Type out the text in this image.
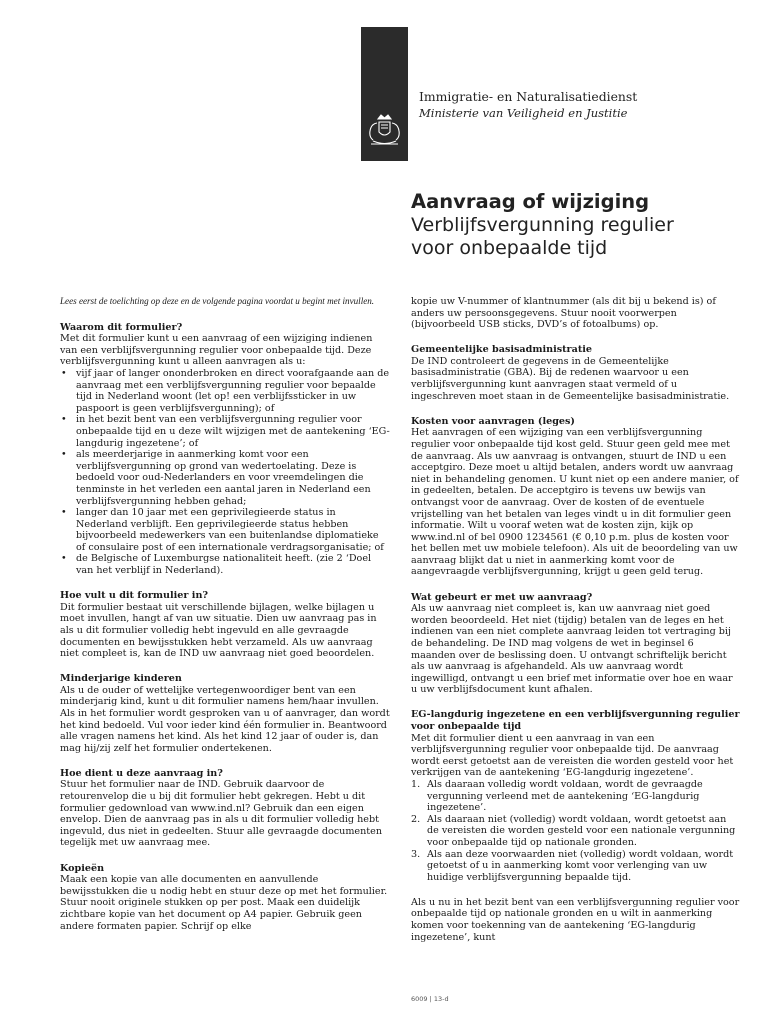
Immigratie- en Naturalisatiedienst
Ministerie van Veiligheid en Justitie
Aanvraag of wijziging
Verblijfsvergunning regulier
voor onbepaalde tijd

Lees eerst de toelichting op deze en de volgende pagina voordat u begint met invullen.

Waarom dit formulier?

Met dit formulier kunt u een aanvraag of een wijziging indienen van een verblijfsvergunning regulier voor onbepaalde tijd. Deze verblijfsvergunning kunt u alleen aanvragen als u:

• vijf jaar of langer ononderbroken en direct voorafgaande aan de aanvraag met een verblijfsvergunning regulier voor bepaalde tijd in Nederland woont (let op! een verblijfssticker in uw paspoort is geen verblijfsvergunning); of
• in het bezit bent van een verblijfsvergunning regulier voor onbepaalde tijd en u deze wilt wijzigen met de aantekening ‘EG-langdurig ingezetene’; of
• als meerderjarige in aanmerking komt voor een verblijfsvergunning op grond van wedertoelating. Deze is bedoeld voor oud-Nederlanders en voor vreemdelingen die tenminste in het verleden een aantal jaren in Nederland een verblijfsvergunning hebben gehad;
• langer dan 10 jaar met een geprivilegieerde status in Nederland verblijft. Een geprivilegieerde status hebben bijvoorbeeld medewerkers van een buitenlandse diplomatieke of consulaire post of een internationale verdragsorganisatie; of
• de Belgische of Luxemburgse nationaliteit heeft. (zie 2 ‘Doel van het verblijf in Nederland).
Hoe vult u dit formulier in?

Dit formulier bestaat uit verschillende bijlagen, welke bijlagen u moet invullen, hangt af van uw situatie. Dien uw aanvraag pas in als u dit formulier volledig hebt ingevuld en alle gevraagde documenten en bewijsstukken hebt verzameld. Als uw aanvraag niet compleet is, kan de IND uw aanvraag niet goed beoordelen.

Minderjarige kinderen

Als u de ouder of wettelijke vertegenwoordiger bent van een minderjarig kind, kunt u dit formulier namens hem/haar invullen. Als in het formulier wordt gesproken van u of aanvrager, dan wordt het kind bedoeld. Vul voor ieder kind één formulier in. Beantwoord alle vragen namens het kind. Als het kind 12 jaar of ouder is, dan mag hij/zij zelf het formulier ondertekenen.

Hoe dient u deze aanvraag in?

Stuur het formulier naar de IND. Gebruik daarvoor de retourenvelop die u bij dit formulier hebt gekregen. Hebt u dit formulier gedownload van www.ind.nl? Gebruik dan een eigen envelop. Dien de aanvraag pas in als u dit formulier volledig hebt ingevuld, dus niet in gedeelten. Stuur alle gevraagde documenten tegelijk met uw aanvraag mee.

Kopieën

Maak een kopie van alle documenten en aanvullende bewijsstukken die u nodig hebt en stuur deze op met het formulier. Stuur nooit originele stukken op per post. Maak een duidelijk zichtbare kopie van het document op A4 papier. Gebruik geen andere formaten papier. Schrijf op elke

kopie uw V-nummer of klantnummer (als dit bij u bekend is) of anders uw persoonsgegevens. Stuur nooit voorwerpen (bijvoorbeeld USB sticks, DVD’s of fotoalbums) op.

Gemeentelijke basisadministratie

De IND controleert de gegevens in de Gemeentelijke basisadministratie (GBA). Bij de redenen waarvoor u een verblijfsvergunning kunt aanvragen staat vermeld of u ingeschreven moet staan in de Gemeentelijke basisadministratie.

Kosten voor aanvragen (leges)

Het aanvragen of een wijziging van een verblijfsvergunning regulier voor onbepaalde tijd kost geld. Stuur geen geld mee met de aanvraag. Als uw aanvraag is ontvangen, stuurt de IND u een acceptgiro. Deze moet u altijd betalen, anders wordt uw aanvraag niet in behandeling genomen. U kunt niet op een andere manier, of in gedeelten, betalen. De acceptgiro is tevens uw bewijs van ontvangst voor de aanvraag. Over de kosten of de eventuele vrijstelling van het betalen van leges vindt u in dit formulier geen informatie. Wilt u vooraf weten wat de kosten zijn, kijk op www.ind.nl of bel 0900 1234561 (€ 0,10 p.m. plus de kosten voor het bellen met uw mobiele telefoon). Als uit de beoordeling van uw aanvraag blijkt dat u niet in aanmerking komt voor de aangevraagde verblijfsvergunning, krijgt u geen geld terug.

Wat gebeurt er met uw aanvraag?

Als uw aanvraag niet compleet is, kan uw aanvraag niet goed worden beoordeeld. Het niet (tijdig) betalen van de leges en het indienen van een niet complete aanvraag leiden tot vertraging bij de behandeling. De IND mag volgens de wet in beginsel 6 maanden over de beslissing doen. U ontvangt schriftelijk bericht als uw aanvraag is afgehandeld. Als uw aanvraag wordt ingewilligd, ontvangt u een brief met informatie over hoe en waar u uw verblijfsdocument kunt afhalen.

EG-langdurig ingezetene en een verblijfsvergunning regulier voor onbepaalde tijd

Met dit formulier dient u een aanvraag in van een verblijfsvergunning regulier voor onbepaalde tijd. De aanvraag wordt eerst getoetst aan de vereisten die worden gesteld voor het verkrijgen van de aantekening ‘EG-langdurig ingezetene’.

1. Als daaraan volledig wordt voldaan, wordt de gevraagde vergunning verleend met de aantekening ‘EG-langdurig ingezetene’.
2. Als daaraan niet (volledig) wordt voldaan, wordt getoetst aan de vereisten die worden gesteld voor een nationale vergunning voor onbepaalde tijd op nationale gronden.
3. Als aan deze voorwaarden niet (volledig) wordt voldaan, wordt getoetst of u in aanmerking komt voor verlenging van uw huidige verblijfsvergunning bepaalde tijd.

Als u nu in het bezit bent van een verblijfsvergunning regulier voor onbepaalde tijd op nationale gronden en u wilt in aanmerking komen voor toekenning van de aantekening ‘EG-langdurig ingezetene’, kunt

6009 | 13-d
